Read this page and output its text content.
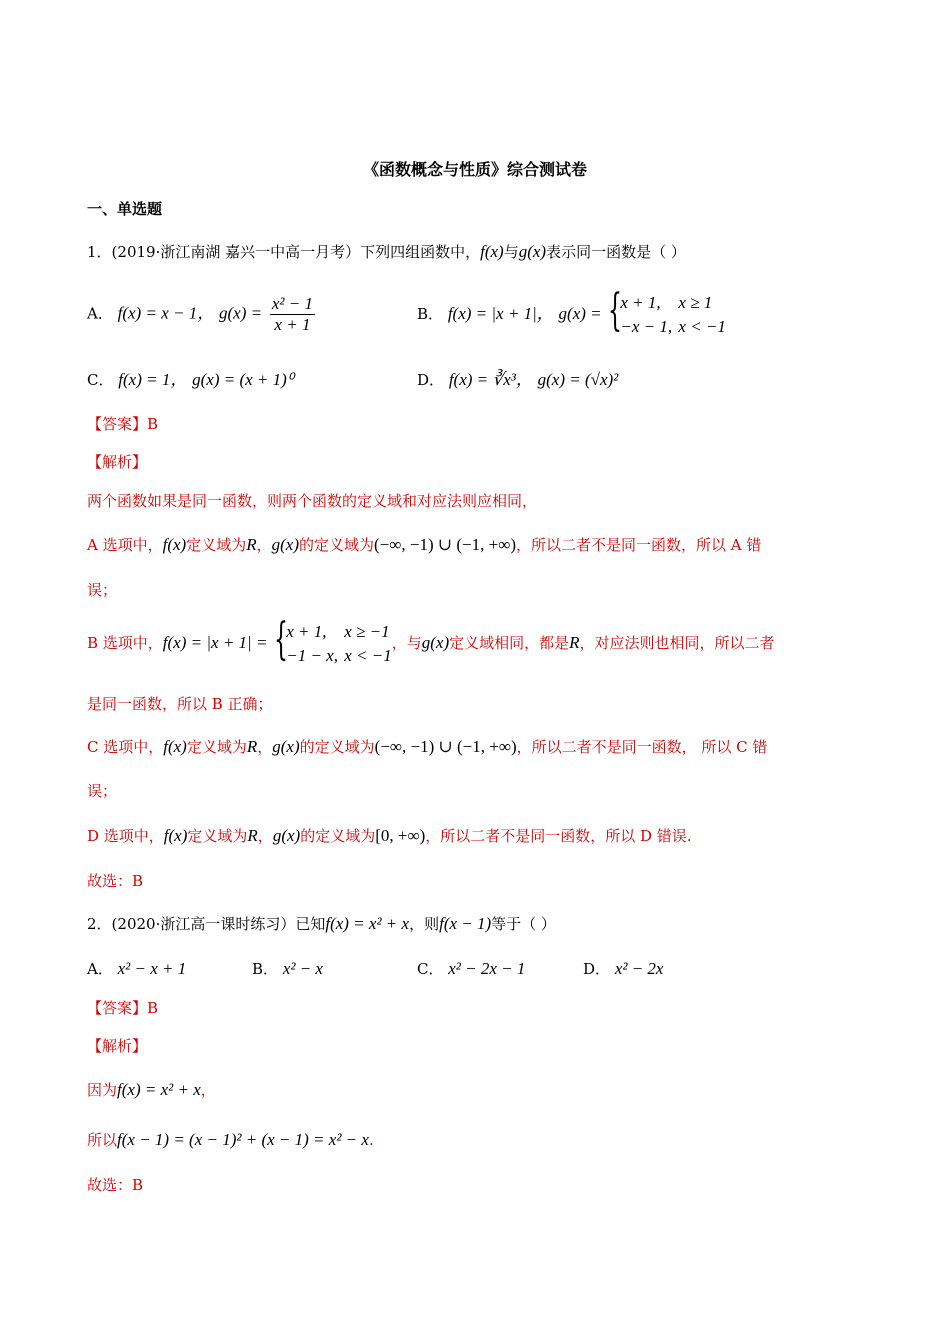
《函数概念与性质》综合测试卷
一、单选题
1．(2019·浙江南湖 嘉兴一中高一月考）下列四组函数中，f(x)与g(x)表示同一函数是（ ）
A． f(x) = x − 1， $g(x) = \frac{\text{x² − 1}}{x + 1}$	B． f(x) = |x + 1|， g(x) = {
x + 1, x ≥ 1
−x − 1, x < −1
C． f(x) = 1， g(x) = (x + 1)⁰	D． f(x) = ∛x³， g(x) = (√x)²
【答案】B
【解析】
两个函数如果是同一函数，则两个函数的定义域和对应法则应相同，
A 选项中，f(x)定义域为R，g(x)的定义域为(−∞, −1) ∪ (−1, +∞)，所以二者不是同一函数，所以 A 错
误；
B 选项中，f(x) = |x + 1| = {
x + 1, x ≥ −1
−1 − x, x < −1
，与g(x)定义域相同，都是R，对应法则也相同，所以二者
是同一函数，所以 B 正确；
C 选项中，f(x)定义域为R，g(x)的定义域为(−∞, −1) ∪ (−1, +∞)，所以二者不是同一函数， 所以 C 错
误；
D 选项中，f(x)定义域为R，g(x)的定义域为[0, +∞)，所以二者不是同一函数，所以 D 错误.
故选：B
2．(2020·浙江高一课时练习）已知f(x) = x² + x，则f(x − 1)等于（ ）
A． x² − x + 1	B． x² − x	C． x² − 2x − 1	D． x² − 2x
【答案】B
【解析】
因为f(x) = x² + x，
所以f(x − 1) = (x − 1)² + (x − 1) = x² − x.
故选：B
